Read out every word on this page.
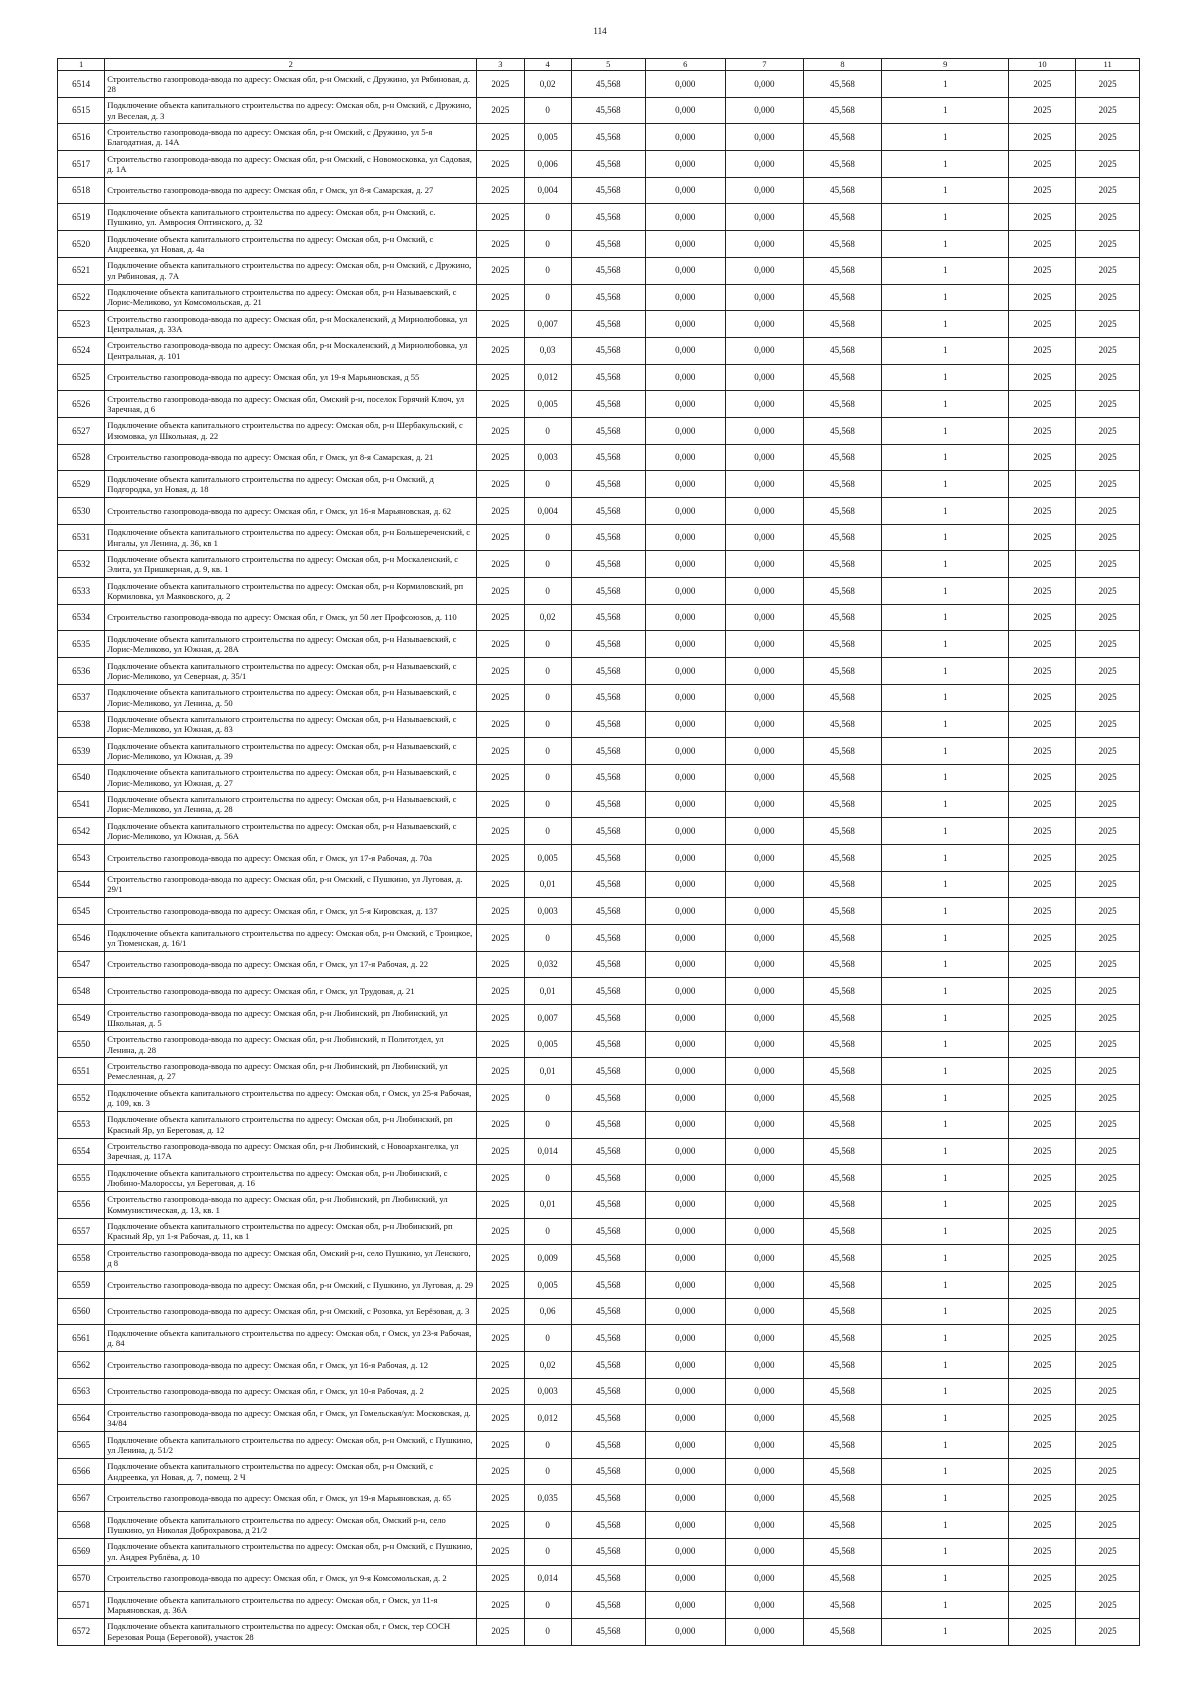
114
1	2	3	4	5	6	7	8	9	10	11
6514	Строительство газопровода-ввода по адресу: Омская обл, р-н Омский, с Дружино, ул Рябиновая, д. 28	2025	0,02	45,568	0,000	0,000	45,568	1	2025	2025
6515	Подключение объекта капитального строительства по адресу: Омская обл, р-н Омский, с Дружино, ул Веселая, д. 3	2025	0	45,568	0,000	0,000	45,568	1	2025	2025
6516	Строительство газопровода-ввода по адресу: Омская обл, р-н Омский, с Дружино, ул 5-я Благодатная, д. 14А	2025	0,005	45,568	0,000	0,000	45,568	1	2025	2025
6517	Строительство газопровода-ввода по адресу: Омская обл, р-н Омский, с Новомосковка, ул Садовая, д. 1А	2025	0,006	45,568	0,000	0,000	45,568	1	2025	2025
6518	Строительство газопровода-ввода по адресу: Омская обл, г Омск, ул 8-я Самарская, д. 27	2025	0,004	45,568	0,000	0,000	45,568	1	2025	2025
6519	Подключение объекта капитального строительства по адресу: Омская обл, р-н Омский, с. Пушкино, ул. Амвросия Оптинского, д. 32	2025	0	45,568	0,000	0,000	45,568	1	2025	2025
6520	Подключение объекта капитального строительства по адресу: Омская обл, р-н Омский, с Андреевка, ул Новая, д. 4а	2025	0	45,568	0,000	0,000	45,568	1	2025	2025
6521	Подключение объекта капитального строительства по адресу: Омская обл, р-н Омский, с Дружино, ул Рябиновая, д. 7А	2025	0	45,568	0,000	0,000	45,568	1	2025	2025
6522	Подключение объекта капитального строительства по адресу: Омская обл, р-н Называевский, с Лорис-Меликово, ул Комсомольская, д. 21	2025	0	45,568	0,000	0,000	45,568	1	2025	2025
6523	Строительство газопровода-ввода по адресу: Омская обл, р-н Москаленский, д Мирнолюбовка, ул Центральная, д. 33А	2025	0,007	45,568	0,000	0,000	45,568	1	2025	2025
6524	Строительство газопровода-ввода по адресу: Омская обл, р-н Москаленский, д Мирнолюбовка, ул Центральная, д. 101	2025	0,03	45,568	0,000	0,000	45,568	1	2025	2025
6525	Строительство газопровода-ввода по адресу: Омская обл, ул 19-я Марьяновская, д 55	2025	0,012	45,568	0,000	0,000	45,568	1	2025	2025
6526	Строительство газопровода-ввода по адресу: Омская обл, Омский р-н, поселок Горячий Ключ, ул Заречная, д 6	2025	0,005	45,568	0,000	0,000	45,568	1	2025	2025
6527	Подключение объекта капитального строительства по адресу: Омская обл, р-н Шербакульский, с Изюмовка, ул Школьная, д. 22	2025	0	45,568	0,000	0,000	45,568	1	2025	2025
6528	Строительство газопровода-ввода по адресу: Омская обл, г Омск, ул 8-я Самарская, д. 21	2025	0,003	45,568	0,000	0,000	45,568	1	2025	2025
6529	Подключение объекта капитального строительства по адресу: Омская обл, р-н Омский, д Подгородка, ул Новая, д. 18	2025	0	45,568	0,000	0,000	45,568	1	2025	2025
6530	Строительство газопровода-ввода по адресу: Омская обл, г Омск, ул 16-я Марьяновская, д. 62	2025	0,004	45,568	0,000	0,000	45,568	1	2025	2025
6531	Подключение объекта капитального строительства по адресу: Омская обл, р-н Большереченский, с Ингалы, ул Ленина, д. 36, кв 1	2025	0	45,568	0,000	0,000	45,568	1	2025	2025
6532	Подключение объекта капитального строительства по адресу: Омская обл, р-н Москаленский, с Элита, ул Пришкерная, д. 9, кв. 1	2025	0	45,568	0,000	0,000	45,568	1	2025	2025
6533	Подключение объекта капитального строительства по адресу: Омская обл, р-н Кормиловский, рп Кормиловка, ул Маяковского, д. 2	2025	0	45,568	0,000	0,000	45,568	1	2025	2025
6534	Строительство газопровода-ввода по адресу: Омская обл, г Омск, ул 50 лет Профсоюзов, д. 110	2025	0,02	45,568	0,000	0,000	45,568	1	2025	2025
6535	Подключение объекта капитального строительства по адресу: Омская обл, р-н Называевский, с Лорис-Меликово, ул Южная, д. 28А	2025	0	45,568	0,000	0,000	45,568	1	2025	2025
6536	Подключение объекта капитального строительства по адресу: Омская обл, р-н Называевский, с Лорис-Меликово, ул Северная, д. 35/1	2025	0	45,568	0,000	0,000	45,568	1	2025	2025
6537	Подключение объекта капитального строительства по адресу: Омская обл, р-н Называевский, с Лорис-Меликово, ул Ленина, д. 50	2025	0	45,568	0,000	0,000	45,568	1	2025	2025
6538	Подключение объекта капитального строительства по адресу: Омская обл, р-н Называевский, с Лорис-Меликово, ул Южная, д. 83	2025	0	45,568	0,000	0,000	45,568	1	2025	2025
6539	Подключение объекта капитального строительства по адресу: Омская обл, р-н Называевский, с Лорис-Меликово, ул Южная, д. 39	2025	0	45,568	0,000	0,000	45,568	1	2025	2025
6540	Подключение объекта капитального строительства по адресу: Омская обл, р-н Называевский, с Лорис-Меликово, ул Южная, д. 27	2025	0	45,568	0,000	0,000	45,568	1	2025	2025
6541	Подключение объекта капитального строительства по адресу: Омская обл, р-н Называевский, с Лорис-Меликово, ул Ленина, д. 28	2025	0	45,568	0,000	0,000	45,568	1	2025	2025
6542	Подключение объекта капитального строительства по адресу: Омская обл, р-н Называевский, с Лорис-Меликово, ул Южная, д. 56А	2025	0	45,568	0,000	0,000	45,568	1	2025	2025
6543	Строительство газопровода-ввода по адресу: Омская обл, г Омск, ул 17-я Рабочая, д. 70а	2025	0,005	45,568	0,000	0,000	45,568	1	2025	2025
6544	Строительство газопровода-ввода по адресу: Омская обл, р-н Омский, с Пушкино, ул Луговая, д. 29/1	2025	0,01	45,568	0,000	0,000	45,568	1	2025	2025
6545	Строительство газопровода-ввода по адресу: Омская обл, г Омск, ул 5-я Кировская, д. 137	2025	0,003	45,568	0,000	0,000	45,568	1	2025	2025
6546	Подключение объекта капитального строительства по адресу: Омская обл, р-н Омский, с Троицкое, ул Тюменская, д. 16/1	2025	0	45,568	0,000	0,000	45,568	1	2025	2025
6547	Строительство газопровода-ввода по адресу: Омская обл, г Омск, ул 17-я Рабочая, д. 22	2025	0,032	45,568	0,000	0,000	45,568	1	2025	2025
6548	Строительство газопровода-ввода по адресу: Омская обл, г Омск, ул Трудовая, д. 21	2025	0,01	45,568	0,000	0,000	45,568	1	2025	2025
6549	Строительство газопровода-ввода по адресу: Омская обл, р-н Любинский, рп Любинский, ул Школьная, д. 5	2025	0,007	45,568	0,000	0,000	45,568	1	2025	2025
6550	Строительство газопровода-ввода по адресу: Омская обл, р-н Любинский, п Политотдел, ул Ленина, д. 28	2025	0,005	45,568	0,000	0,000	45,568	1	2025	2025
6551	Строительство газопровода-ввода по адресу: Омская обл, р-н Любинский, рп Любинский, ул Ремесленная, д. 27	2025	0,01	45,568	0,000	0,000	45,568	1	2025	2025
6552	Подключение объекта капитального строительства по адресу: Омская обл, г Омск, ул 25-я Рабочая, д. 109, кв. 3	2025	0	45,568	0,000	0,000	45,568	1	2025	2025
6553	Подключение объекта капитального строительства по адресу: Омская обл, р-н Любинский, рп Красный Яр, ул Береговая, д. 12	2025	0	45,568	0,000	0,000	45,568	1	2025	2025
6554	Строительство газопровода-ввода по адресу: Омская обл, р-н Любинский, с Новоархангелка, ул Заречная, д. 117А	2025	0,014	45,568	0,000	0,000	45,568	1	2025	2025
6555	Подключение объекта капитального строительства по адресу: Омская обл, р-н Любинский, с Любино-Малороссы, ул Береговая, д. 16	2025	0	45,568	0,000	0,000	45,568	1	2025	2025
6556	Строительство газопровода-ввода по адресу: Омская обл, р-н Любинский, рп Любинский, ул Коммунистическая, д. 13, кв. 1	2025	0,01	45,568	0,000	0,000	45,568	1	2025	2025
6557	Подключение объекта капитального строительства по адресу: Омская обл, р-н Любинский, рп Красный Яр, ул 1-я Рабочая, д. 11, кв 1	2025	0	45,568	0,000	0,000	45,568	1	2025	2025
6558	Строительство газопровода-ввода по адресу: Омская обл, Омский р-н, село Пушкино, ул Ленского, д 8	2025	0,009	45,568	0,000	0,000	45,568	1	2025	2025
6559	Строительство газопровода-ввода по адресу: Омская обл, р-н Омский, с Пушкино, ул Луговая, д. 29	2025	0,005	45,568	0,000	0,000	45,568	1	2025	2025
6560	Строительство газопровода-ввода по адресу: Омская обл, р-н Омский, с Розовка, ул Берёзовая, д. 3	2025	0,06	45,568	0,000	0,000	45,568	1	2025	2025
6561	Подключение объекта капитального строительства по адресу: Омская обл, г Омск, ул 23-я Рабочая, д. 84	2025	0	45,568	0,000	0,000	45,568	1	2025	2025
6562	Строительство газопровода-ввода по адресу: Омская обл, г Омск, ул 16-я Рабочая, д. 12	2025	0,02	45,568	0,000	0,000	45,568	1	2025	2025
6563	Строительство газопровода-ввода по адресу: Омская обл, г Омск, ул 10-я Рабочая, д. 2	2025	0,003	45,568	0,000	0,000	45,568	1	2025	2025
6564	Строительство газопровода-ввода по адресу: Омская обл, г Омск, ул Гомельская/ул: Московская, д. 34/84	2025	0,012	45,568	0,000	0,000	45,568	1	2025	2025
6565	Подключение объекта капитального строительства по адресу: Омская обл, р-н Омский, с Пушкино, ул Ленина, д. 51/2	2025	0	45,568	0,000	0,000	45,568	1	2025	2025
6566	Подключение объекта капитального строительства по адресу: Омская обл, р-н Омский, с Андреевка, ул Новая, д. 7, помещ. 2 Ч	2025	0	45,568	0,000	0,000	45,568	1	2025	2025
6567	Строительство газопровода-ввода по адресу: Омская обл, г Омск, ул 19-я Марьяновская, д. 65	2025	0,035	45,568	0,000	0,000	45,568	1	2025	2025
6568	Подключение объекта капитального строительства по адресу: Омская обл, Омский р-н, село Пушкино, ул Николая Доброхравова, д 21/2	2025	0	45,568	0,000	0,000	45,568	1	2025	2025
6569	Подключение объекта капитального строительства по адресу: Омская обл, р-н Омский, с Пушкино, ул. Андрея Рублёва, д. 10	2025	0	45,568	0,000	0,000	45,568	1	2025	2025
6570	Строительство газопровода-ввода по адресу: Омская обл, г Омск, ул 9-я Комсомольская, д. 2	2025	0,014	45,568	0,000	0,000	45,568	1	2025	2025
6571	Подключение объекта капитального строительства по адресу: Омская обл, г Омск, ул 11-я Марьяновская, д. 36А	2025	0	45,568	0,000	0,000	45,568	1	2025	2025
6572	Подключение объекта капитального строительства по адресу: Омская обл, г Омск, тер СОСН Березовая Роща (Береговой), участок 28	2025	0	45,568	0,000	0,000	45,568	1	2025	2025
